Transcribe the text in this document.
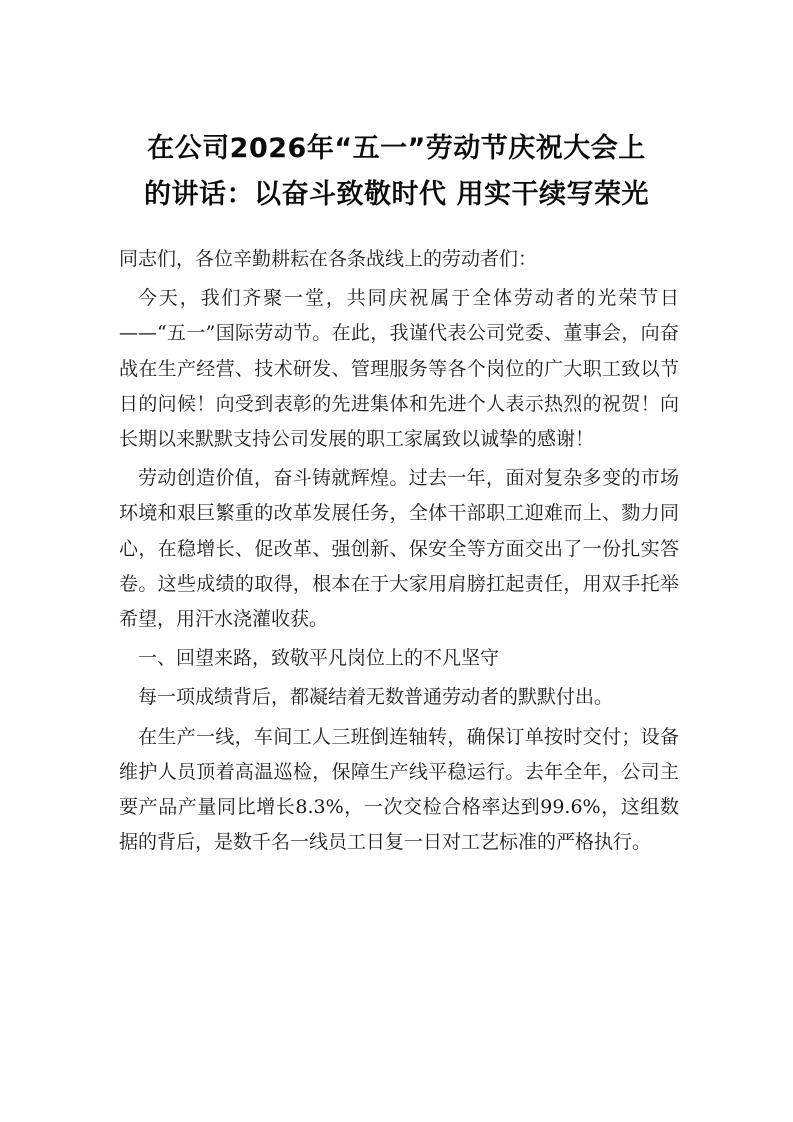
在公司2026年“五一”劳动节庆祝大会上
的讲话：以奋斗致敬时代 用实干续写荣光

同志们，各位辛勤耕耘在各条战线上的劳动者们：

今天，我们齐聚一堂，共同庆祝属于全体劳动者的光荣节日——“五一”国际劳动节。在此，我谨代表公司党委、董事会，向奋战在生产经营、技术研发、管理服务等各个岗位的广大职工致以节日的问候！向受到表彰的先进集体和先进个人表示热烈的祝贺！向长期以来默默支持公司发展的职工家属致以诚挚的感谢！

劳动创造价值，奋斗铸就辉煌。过去一年，面对复杂多变的市场环境和艰巨繁重的改革发展任务，全体干部职工迎难而上、勠力同心，在稳增长、促改革、强创新、保安全等方面交出了一份扎实答卷。这些成绩的取得，根本在于大家用肩膀扛起责任，用双手托举希望，用汗水浇灌收获。

一、回望来路，致敬平凡岗位上的不凡坚守

每一项成绩背后，都凝结着无数普通劳动者的默默付出。

在生产一线，车间工人三班倒连轴转，确保订单按时交付；设备维护人员顶着高温巡检，保障生产线平稳运行。去年全年，公司主要产品产量同比增长8.3%，一次交检合格率达到99.6%，这组数据的背后，是数千名一线员工日复一日对工艺标准的严格执行。
